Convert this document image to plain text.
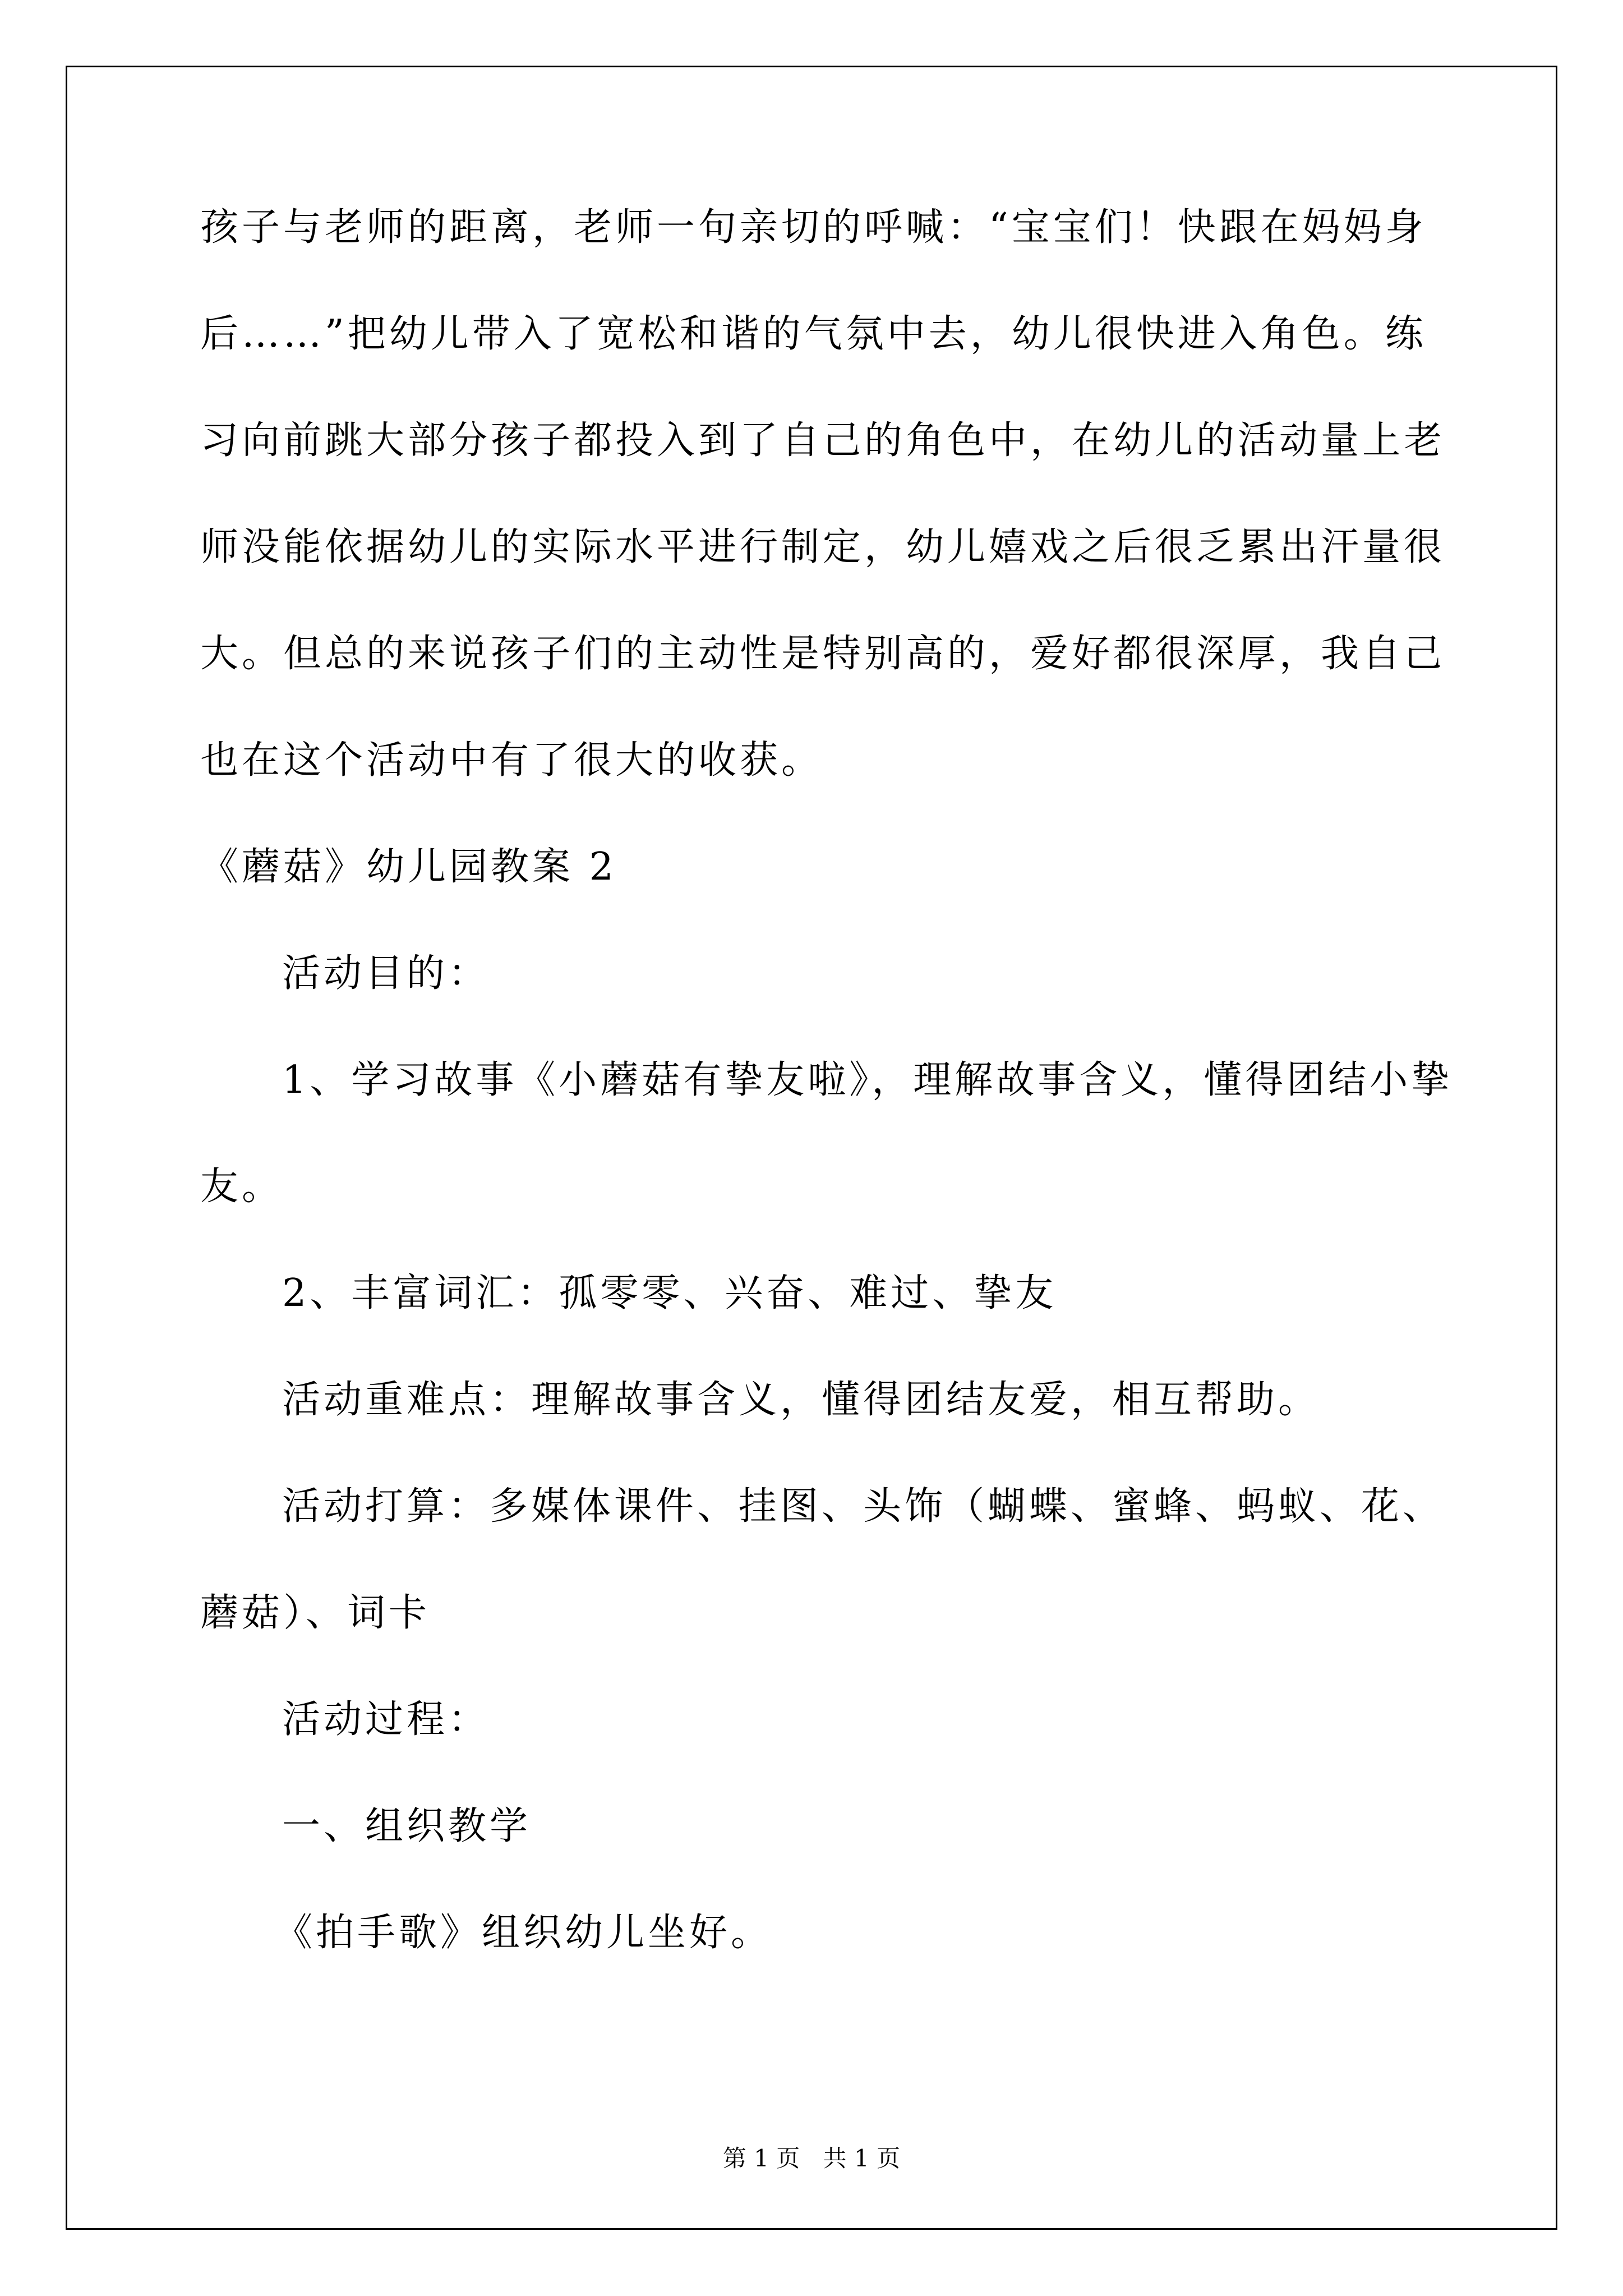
孩子与老师的距离，老师一句亲切的呼喊：“宝宝们！快跟在妈妈身
后……”把幼儿带入了宽松和谐的气氛中去，幼儿很快进入角色。练
习向前跳大部分孩子都投入到了自己的角色中，在幼儿的活动量上老
师没能依据幼儿的实际水平进行制定，幼儿嬉戏之后很乏累出汗量很
大。但总的来说孩子们的主动性是特别高的，爱好都很深厚，我自己
也在这个活动中有了很大的收获。
《蘑菇》幼儿园教案 2
活动目的：
1、学习故事《小蘑菇有挚友啦》，理解故事含义，懂得团结小挚
友。
2、丰富词汇：孤零零、兴奋、难过、挚友
活动重难点：理解故事含义，懂得团结友爱，相互帮助。
活动打算：多媒体课件、挂图、头饰（蝴蝶、蜜蜂、蚂蚁、花、
蘑菇）、词卡
活动过程：
一、组织教学
《拍手歌》组织幼儿坐好。
第 1 页 共 1 页
